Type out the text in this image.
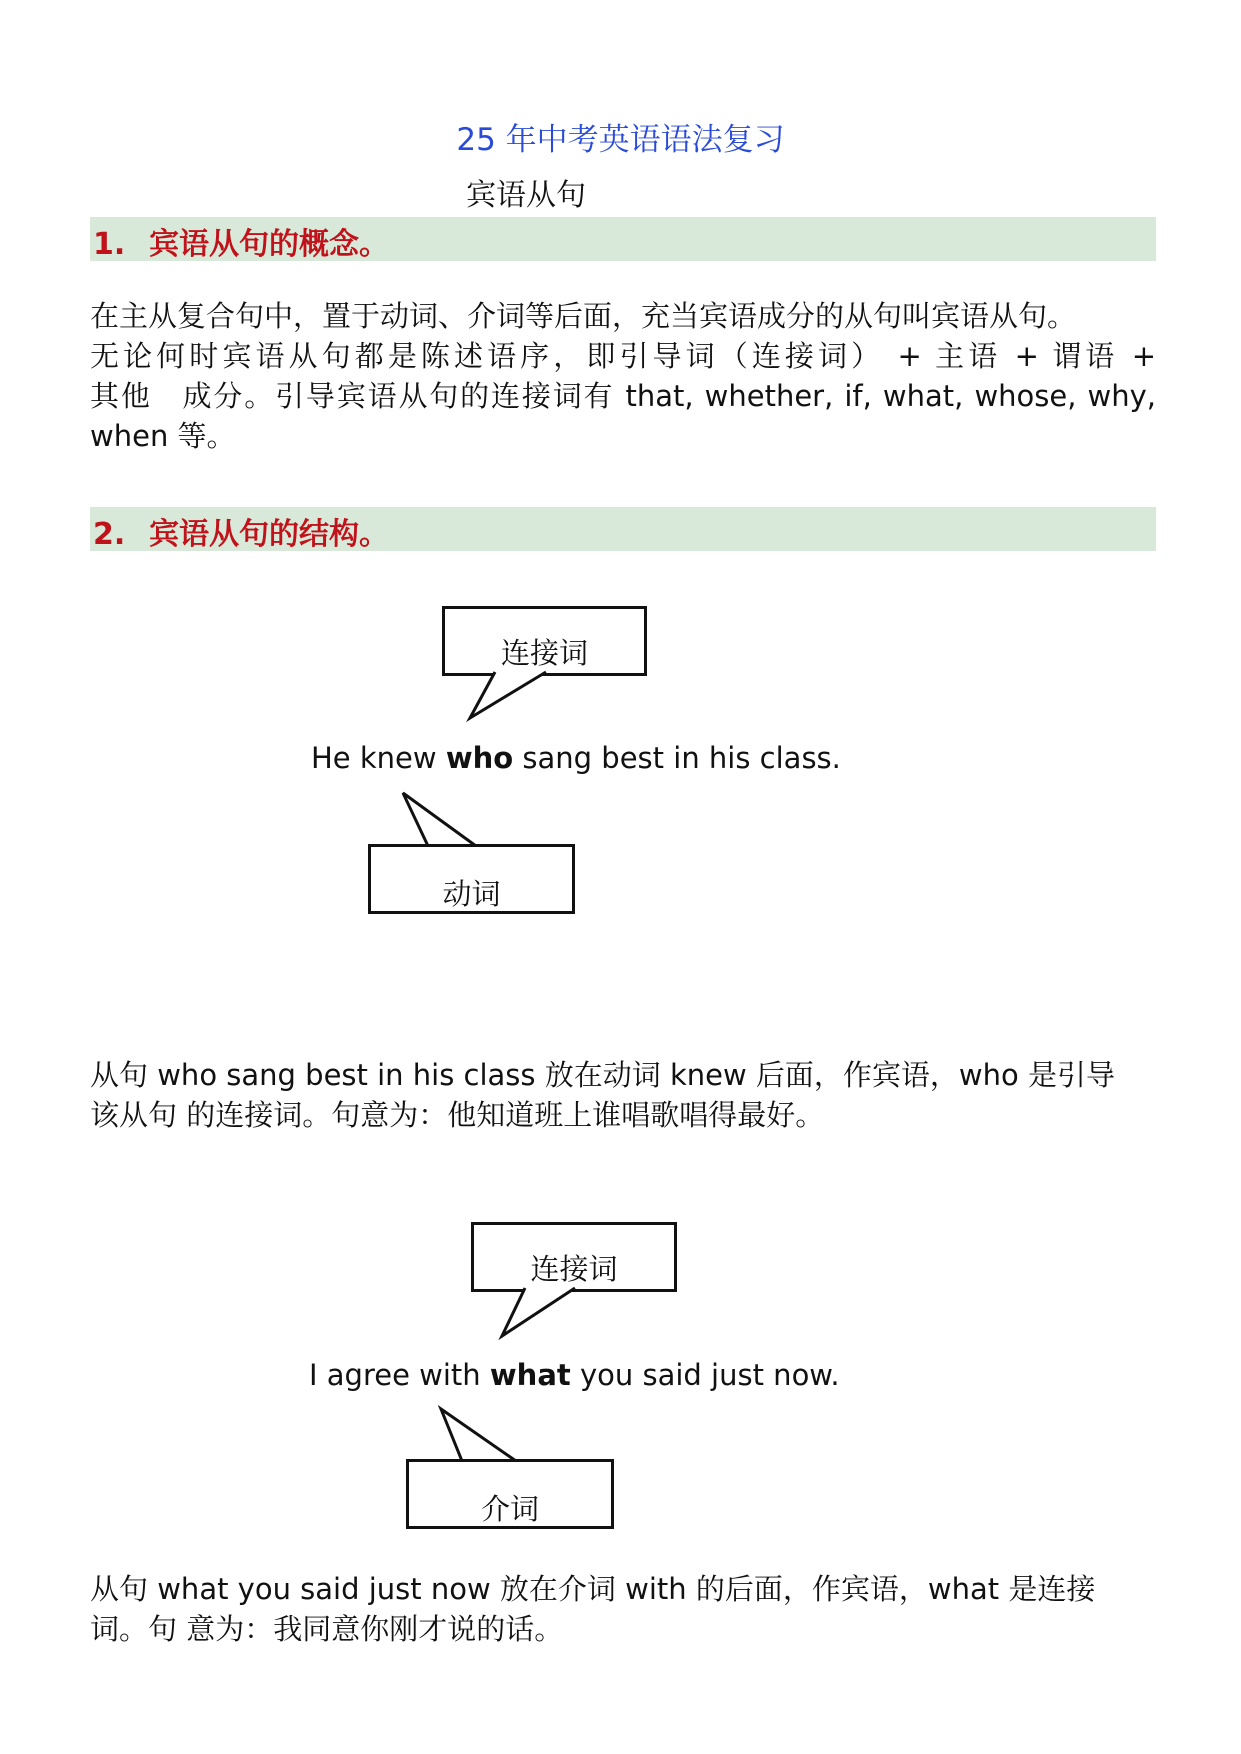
25 年中考英语语法复习
宾语从句
1. 宾语从句的概念。

在主从复合句中，置于动词、介词等后面，充当宾语成分的从句叫宾语从句。

无论何时宾语从句都是陈述语序，即引导词（连接词） + 主语 + 谓语 +

其他　成分。引导宾语从句的连接词有 that, whether, if, what, whose, why,

when 等。

2. 宾语从句的结构。
连接词
He knew who sang best in his class.
动词

从句 who sang best in his class 放在动词 knew 后面，作宾语，who 是引导

该从句 的连接词。句意为：他知道班上谁唱歌唱得最好。

连接词
I agree with what you said just now.
介词

从句 what you said just now 放在介词 with 的后面，作宾语，what 是连接

词。句 意为：我同意你刚才说的话。
